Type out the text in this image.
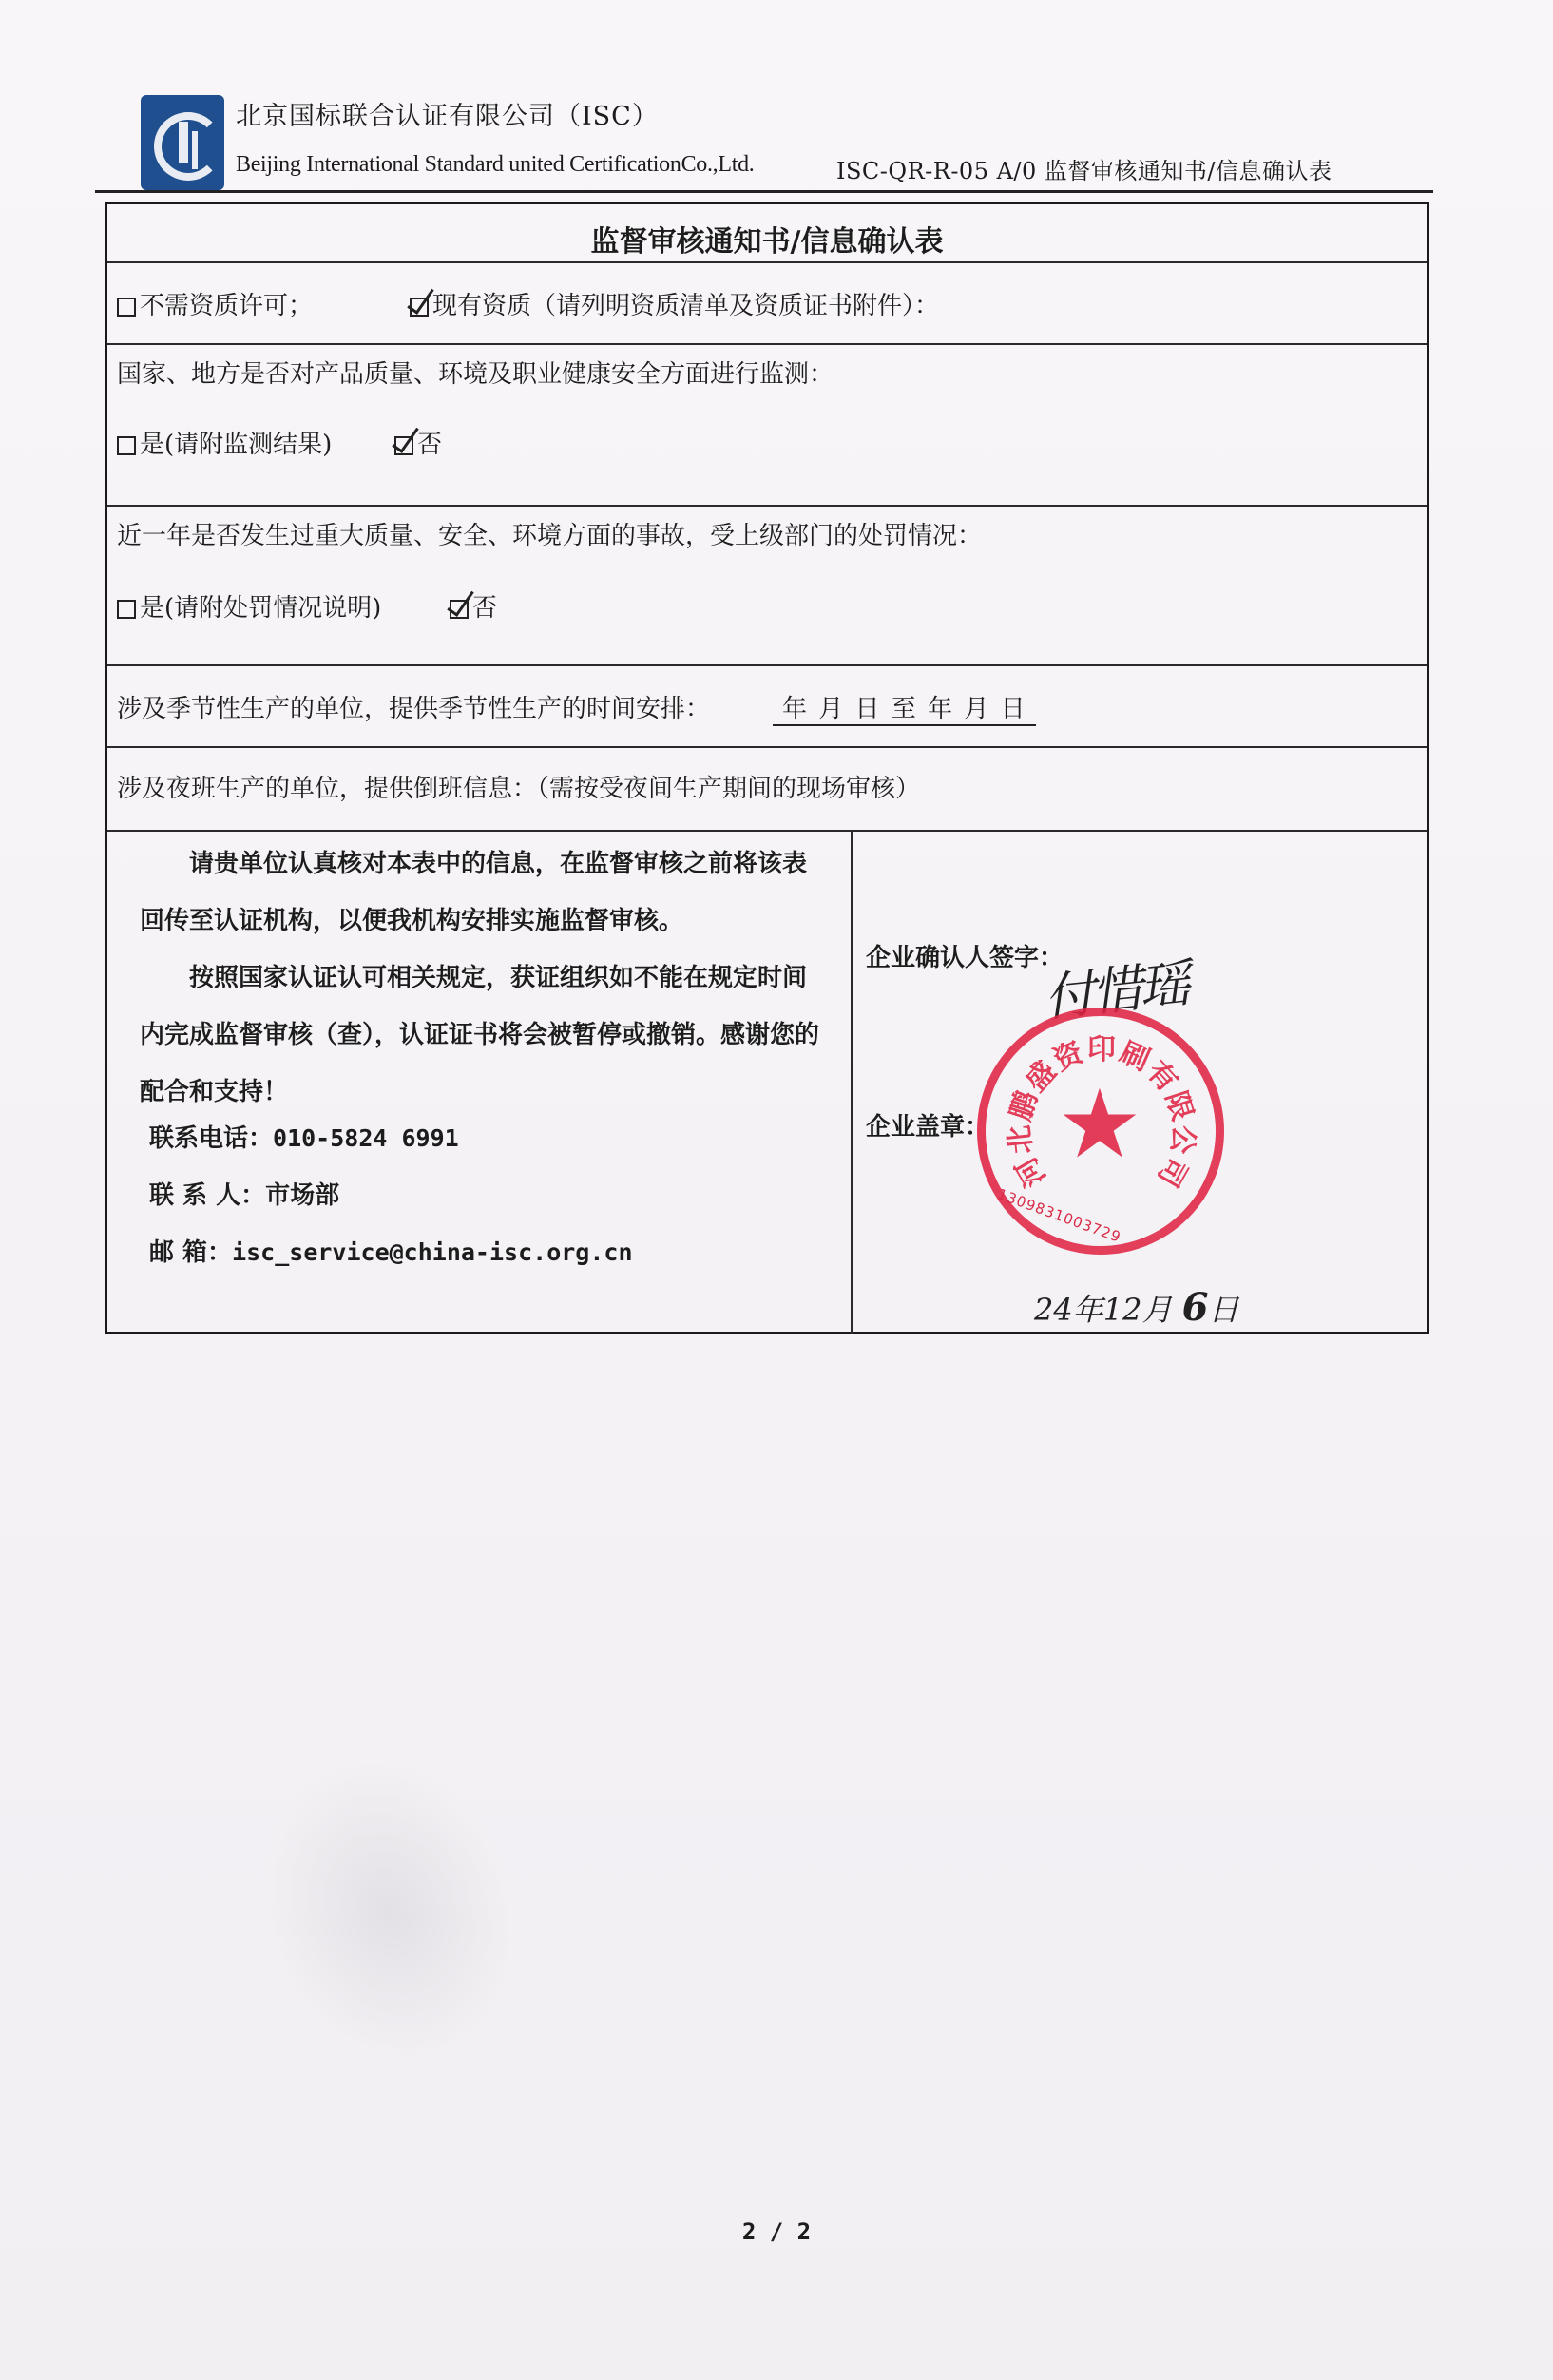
北京国标联合认证有限公司（ISC）
Beijing International Standard united CertificationCo.,Ltd.	ISC-QR-R-05 A/0 监督审核通知书/信息确认表
监督审核通知书/信息确认表
不需资质许可；	现有资质（请列明资质清单及资质证书附件）：
国家、地方是否对产品质量、环境及职业健康安全方面进行监测：
是(请附监测结果)	否
近一年是否发生过重大质量、安全、环境方面的事故，受上级部门的处罚情况：
是(请附处罚情况说明)	否
涉及季节性生产的单位，提供季节性生产的时间安排：	年 月 日 至 年 月 日
涉及夜班生产的单位，提供倒班信息：（需按受夜间生产期间的现场审核）
请贵单位认真核对本表中的信息，在监督审核之前将该表回传至认证机构，以便我机构安排实施监督审核。
按照国家认证认可相关规定，获证组织如不能在规定时间内完成监督审核（查），认证证书将会被暂停或撤销。感谢您的配合和支持！
联系电话：010-5824 6991
联 系 人：市场部
邮 箱：isc_service@china-isc.org.cn
企业确认人签字：
企业盖章：
付惜瑶
★
河
北
鹏
盛
资
印
刷
有
限
公
司
1309831003729
24年12月 6日
2 / 2
